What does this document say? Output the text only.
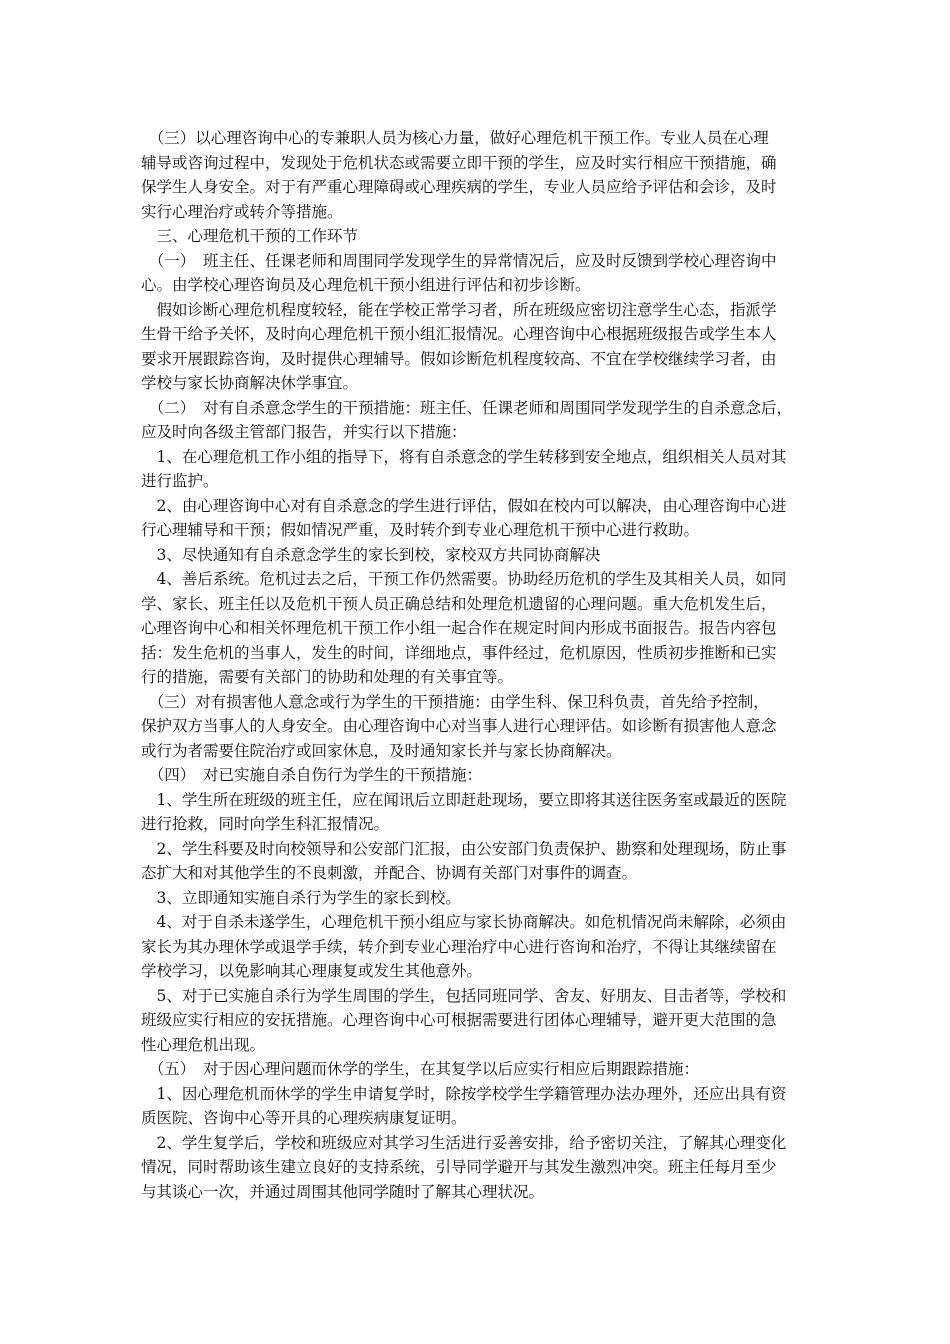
　（三）以心理咨询中心的专兼职人员为核心力量，做好心理危机干预工作。专业人员在心理
辅导或咨询过程中，发现处于危机状态或需要立即干预的学生，应及时实行相应干预措施，确
保学生人身安全。对于有严重心理障碍或心理疾病的学生，专业人员应给予评估和会诊，及时
实行心理治疗或转介等措施。
　三、心理危机干预的工作环节
　（一）　班主任、任课老师和周围同学发现学生的异常情况后，应及时反馈到学校心理咨询中
心。由学校心理咨询员及心理危机干预小组进行评估和初步诊断。
　假如诊断心理危机程度较轻，能在学校正常学习者，所在班级应密切注意学生心态，指派学
生骨干给予关怀，及时向心理危机干预小组汇报情况。心理咨询中心根据班级报告或学生本人
要求开展跟踪咨询，及时提供心理辅导。假如诊断危机程度较高、不宜在学校继续学习者，由
学校与家长协商解决休学事宜。
　（二）　对有自杀意念学生的干预措施：班主任、任课老师和周围同学发现学生的自杀意念后，
应及时向各级主管部门报告，并实行以下措施：
　1、在心理危机工作小组的指导下，将有自杀意念的学生转移到安全地点，组织相关人员对其
进行监护。
　2、由心理咨询中心对有自杀意念的学生进行评估，假如在校内可以解决，由心理咨询中心进
行心理辅导和干预；假如情况严重，及时转介到专业心理危机干预中心进行救助。
　3、尽快通知有自杀意念学生的家长到校，家校双方共同协商解决
　4、善后系统。危机过去之后，干预工作仍然需要。协助经历危机的学生及其相关人员，如同
学、家长、班主任以及危机干预人员正确总结和处理危机遗留的心理问题。重大危机发生后，
心理咨询中心和相关怀理危机干预工作小组一起合作在规定时间内形成书面报告。报告内容包
括：发生危机的当事人，发生的时间，详细地点，事件经过，危机原因，性质初步推断和已实
行的措施，需要有关部门的协助和处理的有关事宜等。
　（三）对有损害他人意念或行为学生的干预措施：由学生科、保卫科负责，首先给予控制，
保护双方当事人的人身安全。由心理咨询中心对当事人进行心理评估。如诊断有损害他人意念
或行为者需要住院治疗或回家休息，及时通知家长并与家长协商解决。
　（四）　对已实施自杀自伤行为学生的干预措施：
　1、学生所在班级的班主任，应在闻讯后立即赶赴现场，要立即将其送往医务室或最近的医院
进行抢救，同时向学生科汇报情况。
　2、学生科要及时向校领导和公安部门汇报，由公安部门负责保护、勘察和处理现场，防止事
态扩大和对其他学生的不良刺激，并配合、协调有关部门对事件的调查。
　3、立即通知实施自杀行为学生的家长到校。
　4、对于自杀未遂学生，心理危机干预小组应与家长协商解决。如危机情况尚未解除，必须由
家长为其办理休学或退学手续，转介到专业心理治疗中心进行咨询和治疗，不得让其继续留在
学校学习，以免影响其心理康复或发生其他意外。
　5、对于已实施自杀行为学生周围的学生，包括同班同学、舍友、好朋友、目击者等，学校和
班级应实行相应的安抚措施。心理咨询中心可根据需要进行团体心理辅导，避开更大范围的急
性心理危机出现。
　（五）　对于因心理问题而休学的学生，在其复学以后应实行相应后期跟踪措施：
　1、因心理危机而休学的学生申请复学时，除按学校学生学籍管理办法办理外，还应出具有资
质医院、咨询中心等开具的心理疾病康复证明。
　2、学生复学后，学校和班级应对其学习生活进行妥善安排，给予密切关注，了解其心理变化
情况，同时帮助该生建立良好的支持系统，引导同学避开与其发生激烈冲突。班主任每月至少
与其谈心一次，并通过周围其他同学随时了解其心理状况。
